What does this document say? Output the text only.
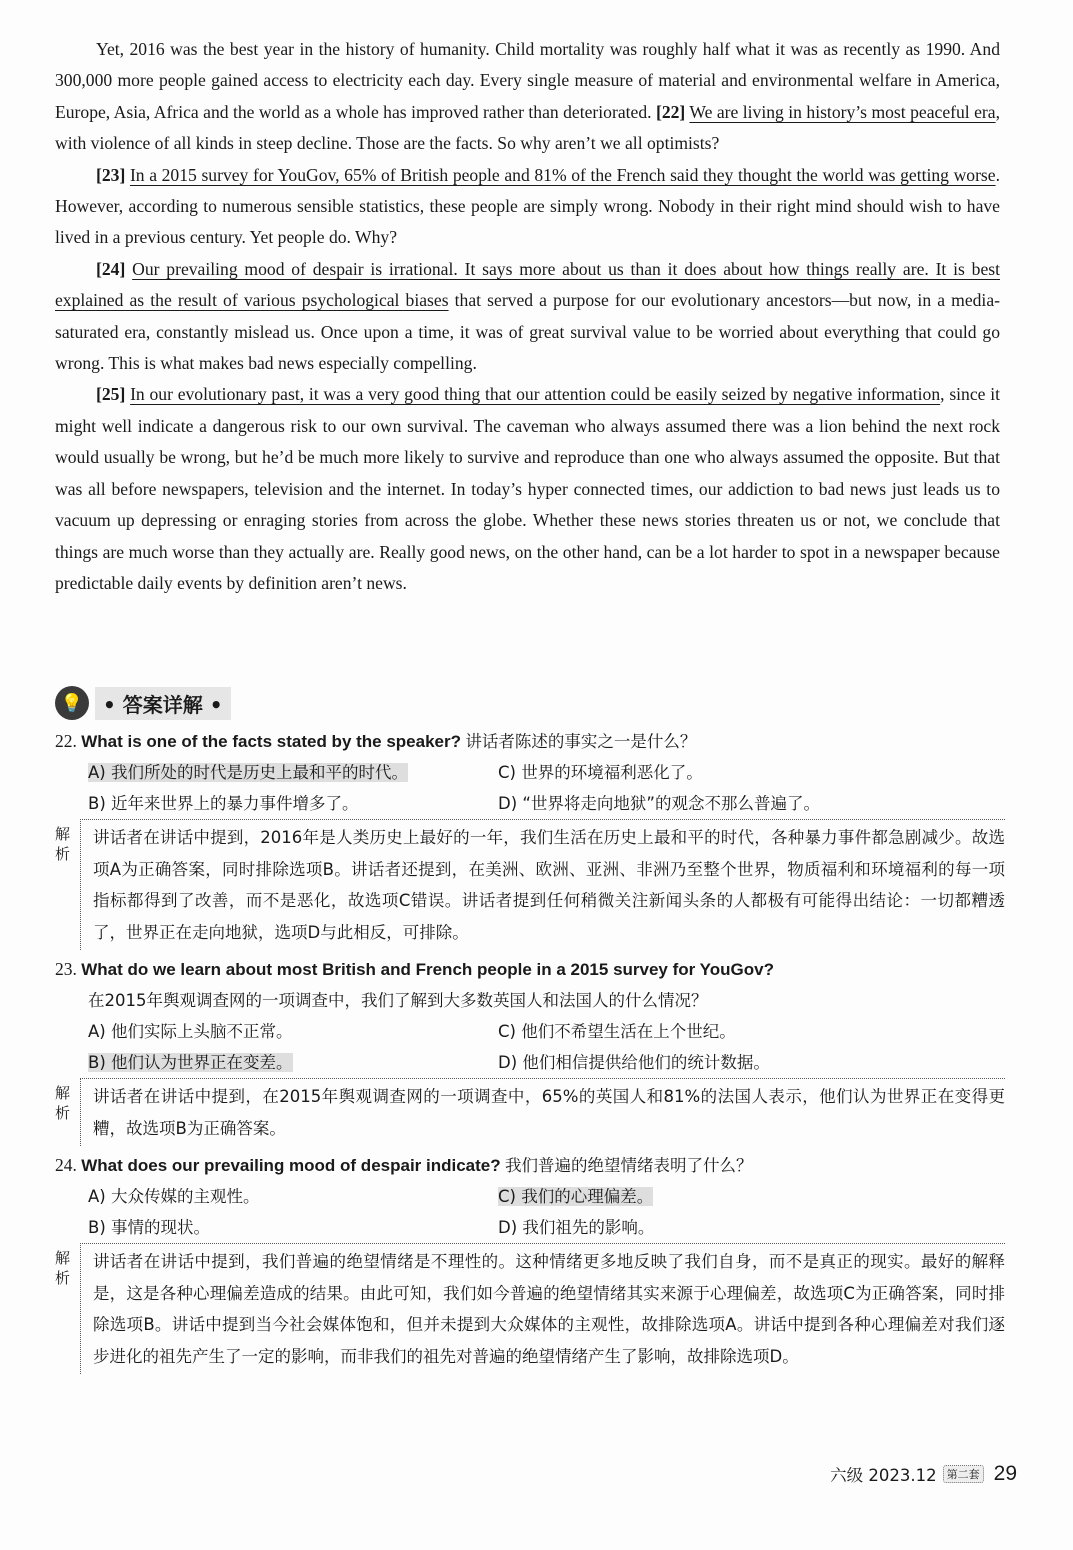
Yet, 2016 was the best year in the history of humanity. Child mortality was roughly half what it was as recently as 1990. And 300,000 more people gained access to electricity each day. Every single measure of material and environmental welfare in America, Europe, Asia, Africa and the world as a whole has improved rather than deteriorated. [22] We are living in history’s most peaceful era, with violence of all kinds in steep decline. Those are the facts. So why aren’t we all optimists?

[23] In a 2015 survey for YouGov, 65% of British people and 81% of the French said they thought the world was getting worse. However, according to numerous sensible statistics, these people are simply wrong. Nobody in their right mind should wish to have lived in a previous century. Yet people do. Why?

[24] Our prevailing mood of despair is irrational. It says more about us than it does about how things really are. It is best explained as the result of various psychological biases that served a purpose for our evolutionary ancestors—but now, in a media-saturated era, constantly mislead us. Once upon a time, it was of great survival value to be worried about everything that could go wrong. This is what makes bad news especially compelling.

[25] In our evolutionary past, it was a very good thing that our attention could be easily seized by negative information, since it might well indicate a dangerous risk to our own survival. The caveman who always assumed there was a lion behind the next rock would usually be wrong, but he’d be much more likely to survive and reproduce than one who always assumed the opposite. But that was all before newspapers, television and the internet. In today’s hyper connected times, our addiction to bad news just leads us to vacuum up depressing or enraging stories from across the globe. Whether these news stories threaten us or not, we conclude that things are much worse than they actually are. Really good news, on the other hand, can be a lot harder to spot in a newspaper because predictable daily events by definition aren’t news.

💡 • 答案详解 •
22. What is one of the facts stated by the speaker? 讲话者陈述的事实之一是什么？
A) 我们所处的时代是历史上最和平的时代。	C) 世界的环境福利恶化了。
B) 近年来世界上的暴力事件增多了。	D) “世界将走向地狱”的观念不那么普遍了。
解析
讲话者在讲话中提到，2016年是人类历史上最好的一年，我们生活在历史上最和平的时代，各种暴力事件都急剧减少。故选项A为正确答案，同时排除选项B。讲话者还提到，在美洲、欧洲、亚洲、非洲乃至整个世界，物质福利和环境福利的每一项指标都得到了改善，而不是恶化，故选项C错误。讲话者提到任何稍微关注新闻头条的人都极有可能得出结论：一切都糟透了，世界正在走向地狱，选项D与此相反，可排除。
23. What do we learn about most British and French people in a 2015 survey for YouGov?
在2015年舆观调查网的一项调查中，我们了解到大多数英国人和法国人的什么情况？
A) 他们实际上头脑不正常。	C) 他们不希望生活在上个世纪。
B) 他们认为世界正在变差。	D) 他们相信提供给他们的统计数据。
解析
讲话者在讲话中提到，在2015年舆观调查网的一项调查中，65%的英国人和81%的法国人表示，他们认为世界正在变得更糟，故选项B为正确答案。
24. What does our prevailing mood of despair indicate? 我们普遍的绝望情绪表明了什么？
A) 大众传媒的主观性。	C) 我们的心理偏差。
B) 事情的现状。	D) 我们祖先的影响。
解析
讲话者在讲话中提到，我们普遍的绝望情绪是不理性的。这种情绪更多地反映了我们自身，而不是真正的现实。最好的解释是，这是各种心理偏差造成的结果。由此可知，我们如今普遍的绝望情绪其实来源于心理偏差，故选项C为正确答案，同时排除选项B。讲话中提到当今社会媒体饱和，但并未提到大众媒体的主观性，故排除选项A。讲话中提到各种心理偏差对我们逐步进化的祖先产生了一定的影响，而非我们的祖先对普遍的绝望情绪产生了影响，故排除选项D。
六级 2023.12 第二套 29
